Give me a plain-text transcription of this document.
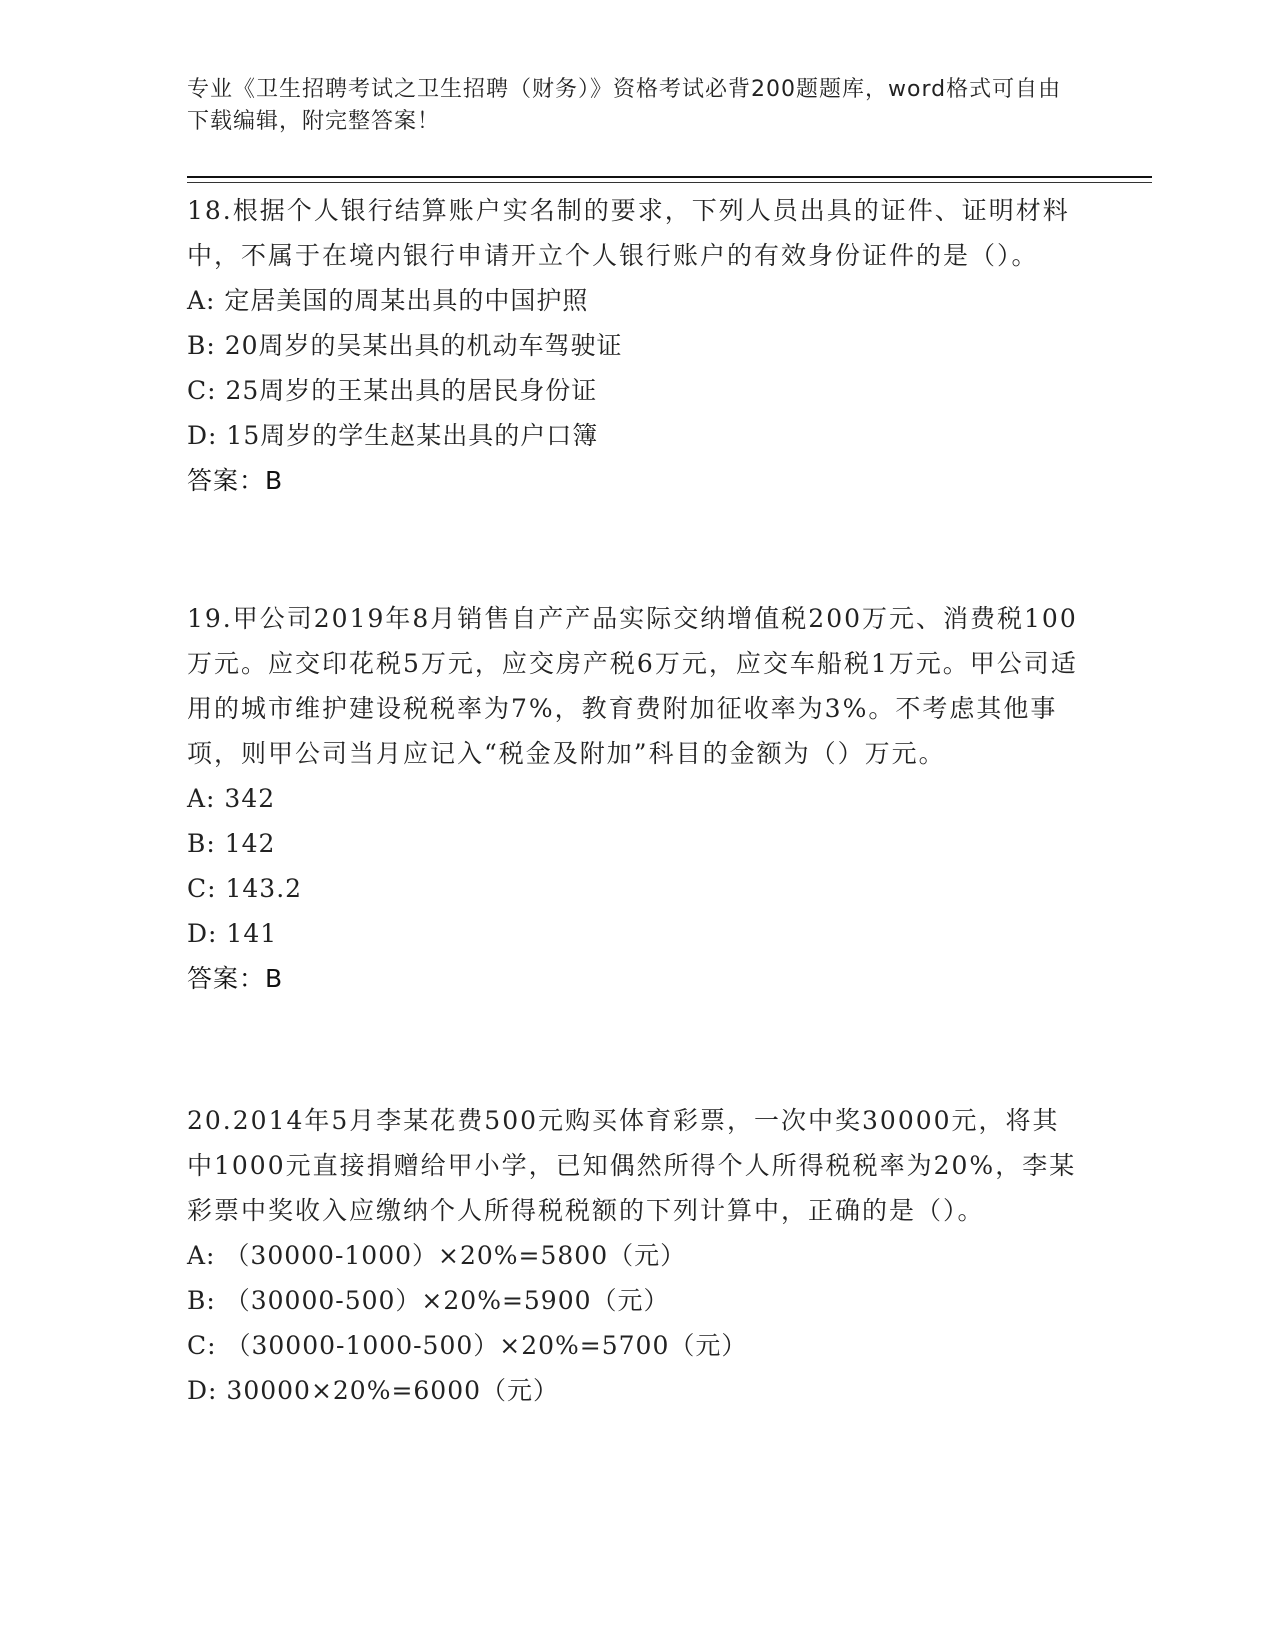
专业《卫生招聘考试之卫生招聘（财务）》资格考试必背200题题库，word格式可自由下载编辑，附完整答案！

18.根据个人银行结算账户实名制的要求，下列人员出具的证件、证明材料中，不属于在境内银行申请开立个人银行账户的有效身份证件的是（）。

A: 定居美国的周某出具的中国护照

B: 20周岁的吴某出具的机动车驾驶证

C: 25周岁的王某出具的居民身份证

D: 15周岁的学生赵某出具的户口簿

答案：B

19.甲公司2019年8月销售自产产品实际交纳增值税200万元、消费税100万元。应交印花税5万元，应交房产税6万元，应交车船税1万元。甲公司适用的城市维护建设税税率为7%，教育费附加征收率为3%。不考虑其他事项，则甲公司当月应记入“税金及附加”科目的金额为（）万元。

A: 342

B: 142

C: 143.2

D: 141

答案：B

20.2014年5月李某花费500元购买体育彩票，一次中奖30000元，将其中1000元直接捐赠给甲小学，已知偶然所得个人所得税税率为20%，李某彩票中奖收入应缴纳个人所得税税额的下列计算中，正确的是（）。

A: （30000-1000）×20%=5800（元）

B: （30000-500）×20%=5900（元）

C: （30000-1000-500）×20%=5700（元）

D: 30000×20%=6000（元）
